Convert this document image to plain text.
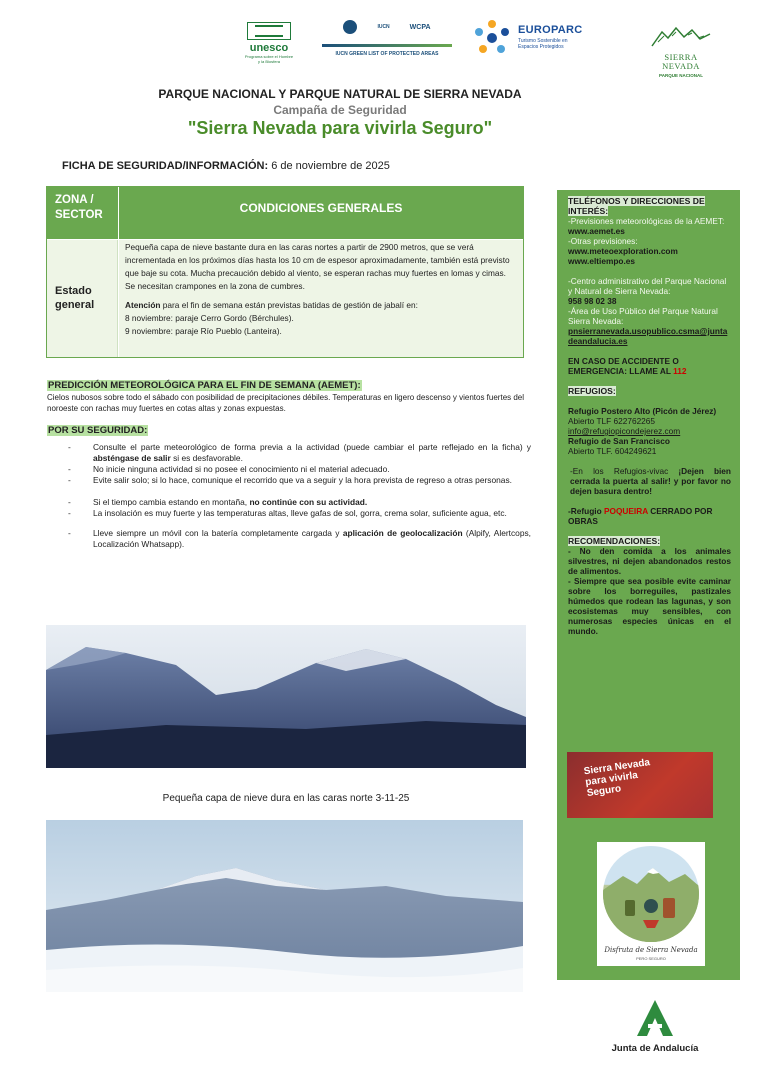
unesco
Programa sobre el Hombre y la Biosfera
IUCN	WCPA
IUCN GREEN LIST OF PROTECTED AREAS
EUROPARC
Turismo Sostenible en Espacios Protegidos
SIERRA
NEVADA
PARQUE NACIONAL
PARQUE NACIONAL Y PARQUE NATURAL DE SIERRA NEVADA
Campaña de Seguridad
"Sierra Nevada para vivirla Seguro"
FICHA DE SEGURIDAD/INFORMACIÓN: 6 de noviembre de 2025
ZONA / SECTOR	CONDICIONES GENERALES
Estado general

Pequeña capa de nieve bastante dura en las caras nortes a partir de 2900 metros, que se verá incrementada en los próximos días hasta los 10 cm de espesor aproximadamente, también está previsto que baje su cota. Mucha precaución debido al viento, se esperan rachas muy fuertes en lomas y cimas. Se necesitan crampones en la zona de cumbres.

Atención para el fin de semana están previstas batidas de gestión de jabalí en:
8 noviembre: paraje Cerro Gordo (Bérchules).
9 noviembre: paraje Río Pueblo (Lanteira).
PREDICCIÓN METEOROLÓGICA PARA EL FIN DE SEMANA (AEMET):
Cielos nubosos sobre todo el sábado con posibilidad de precipitaciones débiles. Temperaturas en ligero descenso y vientos fuertes del noroeste con rachas muy fuertes en cotas altas y zonas expuestas.
POR SU SEGURIDAD:
-	Consulte el parte meteorológico de forma previa a la actividad (puede cambiar el parte reflejado en la ficha) y absténgase de salir si es desfavorable.
-	No inicie ninguna actividad si no posee el conocimiento ni el material adecuado.
-	Evite salir solo; si lo hace, comunique el recorrido que va a seguir y la hora prevista de regreso a otras personas.
-	Si el tiempo cambia estando en montaña, no continúe con su actividad.
-	La insolación es muy fuerte y las temperaturas altas, lleve gafas de sol, gorra, crema solar, suficiente agua, etc.
-	Lleve siempre un móvil con la batería completamente cargada y aplicación de geolocalización (Alpify, Alertcops, Localización Whatsapp).
Pequeña capa de nieve dura en las caras norte 3-11-25
TELÉFONOS Y DIRECCIONES DE INTERÉS:
-Previsiones meteorológicas de la AEMET: www.aemet.es
-Otras previsiones:
www.meteoexploration.com
www.eltiempo.es
-Centro administrativo del Parque Nacional y Natural de Sierra Nevada:
958 98 02 38
-Área de Uso Público del Parque Natural Sierra Nevada:
pnsierranevada.usopublico.csma@juntadeandalucia.es
EN CASO DE ACCIDENTE O EMERGENCIA: LLAME AL 112
REFUGIOS:
Refugio Postero Alto (Picón de Jérez)
Abierto TLF 622762265
info@refugiopicondejerez.com
Refugio de San Francisco
Abierto TLF. 604249621
-En los Refugios-vivac ¡Dejen bien cerrada la puerta al salir! y por favor no dejen basura dentro!
-Refugio POQUEIRA CERRADO POR OBRAS
RECOMENDACIONES:
- No den comida a los animales silvestres, ni dejen abandonados restos de alimentos.
- Siempre que sea posible evite caminar sobre los borreguiles, pastizales húmedos que rodean las lagunas, y son ecosistemas muy sensibles, con numerosas especies únicas en el mundo.
Sierra Nevada para vivirla Seguro
Disfruta de Sierra Nevada
PERO SEGURO
Junta de Andalucía
